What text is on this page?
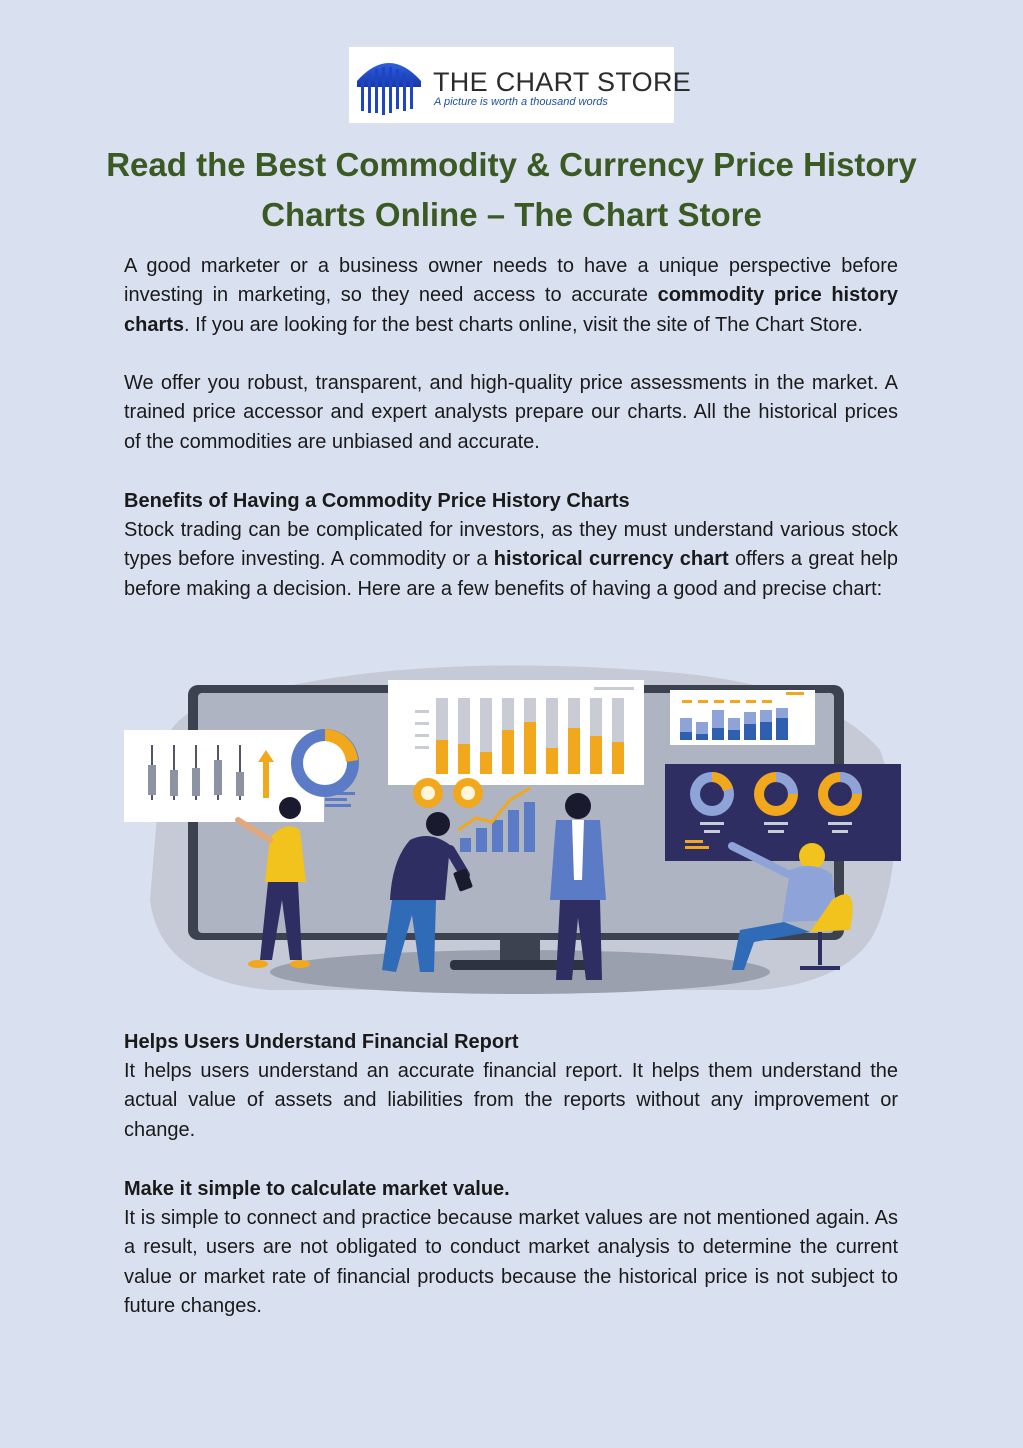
THE CHART STORE
A picture is worth a thousand words
Read the Best Commodity & Currency Price History Charts Online – The Chart Store

A good marketer or a business owner needs to have a unique perspective before investing in marketing, so they need access to accurate commodity price history charts. If you are looking for the best charts online, visit the site of The Chart Store.

We offer you robust, transparent, and high-quality price assessments in the market. A trained price accessor and expert analysts prepare our charts. All the historical prices of the commodities are unbiased and accurate.

Benefits of Having a Commodity Price History Charts

Stock trading can be complicated for investors, as they must understand various stock types before investing. A commodity or a historical currency chart offers a great help before making a decision. Here are a few benefits of having a good and precise chart:

Helps Users Understand Financial Report

It helps users understand an accurate financial report. It helps them understand the actual value of assets and liabilities from the reports without any improvement or change.

Make it simple to calculate market value.

It is simple to connect and practice because market values are not mentioned again. As a result, users are not obligated to conduct market analysis to determine the current value or market rate of financial products because the historical price is not subject to future changes.
